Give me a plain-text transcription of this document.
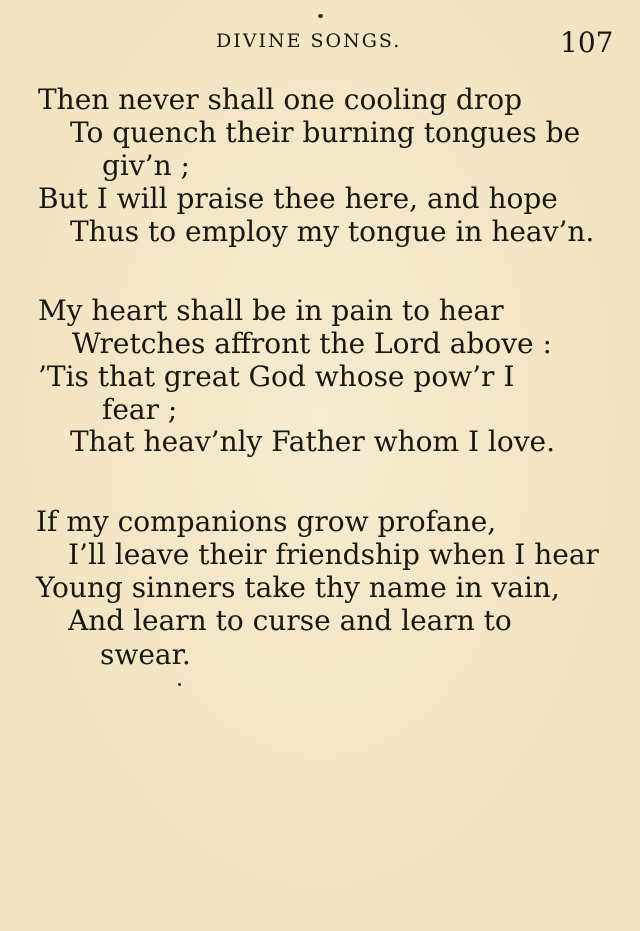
DIVINE SONGS.	107
Then never shall one cooling drop
To quench their burning tongues be
giv’n ;
But I will praise thee here, and hope
Thus to employ my tongue in heav’n.
My heart shall be in pain to hear
Wretches affront the Lord above :
’Tis that great God whose pow’r I
fear ;
That heav’nly Father whom I love.
If my companions grow profane,
I’ll leave their friendship when I hear
Young sinners take thy name in vain,
And learn to curse and learn to
swear.
